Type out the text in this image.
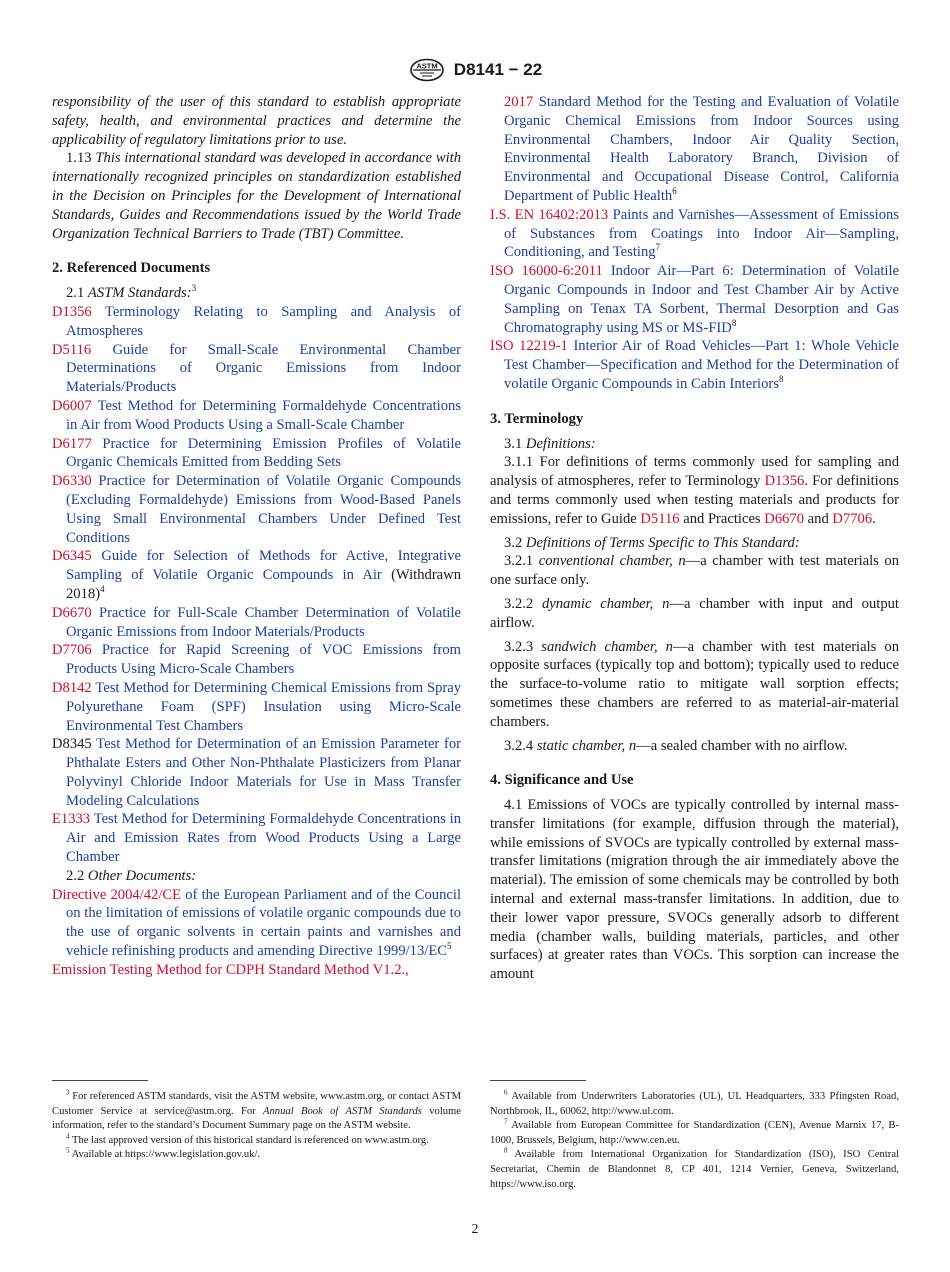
ASTM D8141 − 22

responsibility of the user of this standard to establish appropriate safety, health, and environmental practices and determine the applicability of regulatory limitations prior to use.

1.13 This international standard was developed in accordance with internationally recognized principles on standardization established in the Decision on Principles for the Development of International Standards, Guides and Recommendations issued by the World Trade Organization Technical Barriers to Trade (TBT) Committee.

2. Referenced Documents

2.1 ASTM Standards:$^3$

D1356 Terminology Relating to Sampling and Analysis of Atmospheres

D5116 Guide for Small-Scale Environmental Chamber Determinations of Organic Emissions from Indoor Materials/Products

D6007 Test Method for Determining Formaldehyde Concentrations in Air from Wood Products Using a Small-Scale Chamber

D6177 Practice for Determining Emission Profiles of Volatile Organic Chemicals Emitted from Bedding Sets

D6330 Practice for Determination of Volatile Organic Compounds (Excluding Formaldehyde) Emissions from Wood-Based Panels Using Small Environmental Chambers Under Defined Test Conditions

D6345 Guide for Selection of Methods for Active, Integrative Sampling of Volatile Organic Compounds in Air (Withdrawn 2018)$^4$

D6670 Practice for Full-Scale Chamber Determination of Volatile Organic Emissions from Indoor Materials/Products

D7706 Practice for Rapid Screening of VOC Emissions from Products Using Micro-Scale Chambers

D8142 Test Method for Determining Chemical Emissions from Spray Polyurethane Foam (SPF) Insulation using Micro-Scale Environmental Test Chambers

D8345 Test Method for Determination of an Emission Parameter for Phthalate Esters and Other Non-Phthalate Plasticizers from Planar Polyvinyl Chloride Indoor Materials for Use in Mass Transfer Modeling Calculations

E1333 Test Method for Determining Formaldehyde Concentrations in Air and Emission Rates from Wood Products Using a Large Chamber

2.2 Other Documents:

Directive 2004/42/CE of the European Parliament and of the Council on the limitation of emissions of volatile organic compounds due to the use of organic solvents in certain paints and varnishes and vehicle refinishing products and amending Directive $1999/13/EC^5$

Emission Testing Method for CDPH Standard Method V1.2.,

2017 Standard Method for the Testing and Evaluation of Volatile Organic Chemical Emissions from Indoor Sources using Environmental Chambers, Indoor Air Quality Section, Environmental Health Laboratory Branch, Division of Environmental and Occupational Disease Control, California Department of Public Health$^6$

I.S. EN 16402:2013 Paints and Varnishes—Assessment of Emissions of Substances from Coatings into Indoor Air—Sampling, Conditioning, and Testing$^7$

ISO 16000-6:2011 Indoor Air—Part 6: Determination of Volatile Organic Compounds in Indoor and Test Chamber Air by Active Sampling on Tenax TA Sorbent, Thermal Desorption and Gas Chromatography using MS or MS-FID$^8$

ISO 12219-1 Interior Air of Road Vehicles—Part 1: Whole Vehicle Test Chamber—Specification and Method for the Determination of volatile Organic Compounds in Cabin Interiors$^8$

3. Terminology

3.1 Definitions:

3.1.1 For definitions of terms commonly used for sampling and analysis of atmospheres, refer to Terminology D1356. For definitions and terms commonly used when testing materials and products for emissions, refer to Guide D5116 and Practices D6670 and D7706.

3.2 Definitions of Terms Specific to This Standard:

3.2.1 conventional chamber, n—a chamber with test materials on one surface only.

3.2.2 dynamic chamber, n—a chamber with input and output airflow.

3.2.3 sandwich chamber, n—a chamber with test materials on opposite surfaces (typically top and bottom); typically used to reduce the surface-to-volume ratio to mitigate wall sorption effects; sometimes these chambers are referred to as material-air-material chambers.

3.2.4 static chamber, n—a sealed chamber with no airflow.

4. Significance and Use

4.1 Emissions of VOCs are typically controlled by internal mass-transfer limitations (for example, diffusion through the material), while emissions of SVOCs are typically controlled by external mass-transfer limitations (migration through the air immediately above the material). The emission of some chemicals may be controlled by both internal and external mass-transfer limitations. In addition, due to their lower vapor pressure, SVOCs generally adsorb to different media (chamber walls, building materials, particles, and other surfaces) at greater rates than VOCs. This sorption can increase the amount

$^3$ For referenced ASTM standards, visit the ASTM website, www.astm.org, or contact ASTM Customer Service at service@astm.org. For Annual Book of ASTM Standards volume information, refer to the standard’s Document Summary page on the ASTM website.

$^4$ The last approved version of this historical standard is referenced on www.astm.org.

$^5$ Available at https://www.legislation.gov.uk/.

$^6$ Available from Underwriters Laboratories (UL), UL Headquarters, 333 Pfingsten Road, Northbrook, IL, 60062, http://www.ul.com.

$^7$ Available from European Committee for Standardization (CEN), Avenue Marnix 17, B-1000, Brussels, Belgium, http://www.cen.eu.

$^8$ Available from International Organization for Standardization (ISO), ISO Central Secretariat, Chemin de Blandonnet 8, CP 401, 1214 Vernier, Geneva, Switzerland, https://www.iso.org.

2
